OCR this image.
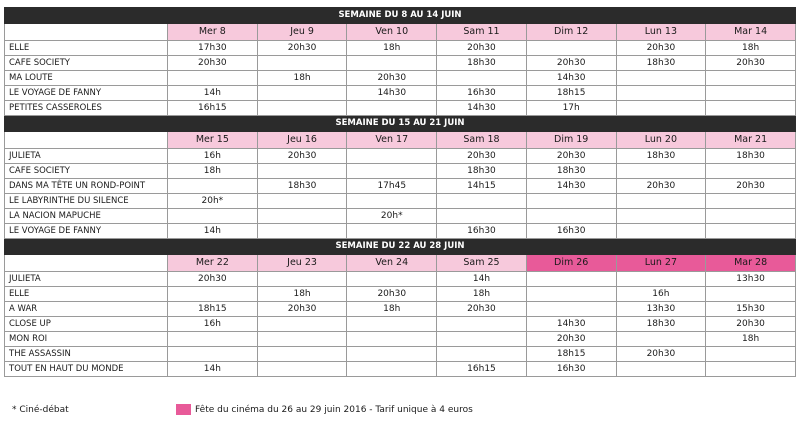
SEMAINE DU 8 AU 14 JUIN							
	Mer 8	Jeu 9	Ven 10	Sam 11	Dim 12	Lun 13	Mar 14
ELLE	17h30	20h30	18h	20h30		20h30	18h
CAFE SOCIETY	20h30			18h30	20h30	18h30	20h30
MA LOUTE		18h	20h30		14h30		
LE VOYAGE DE FANNY	14h		14h30	16h30	18h15		
PETITES CASSEROLES	16h15			14h30	17h		
SEMAINE DU 15 AU 21 JUIN							
	Mer 15	Jeu 16	Ven 17	Sam 18	Dim 19	Lun 20	Mar 21
JULIETA	16h	20h30		20h30	20h30	18h30	18h30
CAFE SOCIETY	18h			18h30	18h30		
DANS MA TÊTE UN ROND-POINT		18h30	17h45	14h15	14h30	20h30	20h30
LE LABYRINTHE DU SILENCE	20h*						
LA NACION MAPUCHE			20h*				
LE VOYAGE DE FANNY	14h			16h30	16h30		
SEMAINE DU 22 AU 28 JUIN							
	Mer 22	Jeu 23	Ven 24	Sam 25	Dim 26	Lun 27	Mar 28
JULIETA	20h30			14h			13h30
ELLE		18h	20h30	18h		16h	
A WAR	18h15	20h30	18h	20h30		13h30	15h30
CLOSE UP	16h				14h30	18h30	20h30
MON ROI					20h30		18h
THE ASSASSIN					18h15	20h30	
TOUT EN HAUT DU MONDE	14h			16h15	16h30		
* Ciné-débat	Fête du cinéma du 26 au 29 juin 2016 - Tarif unique à 4 euros
